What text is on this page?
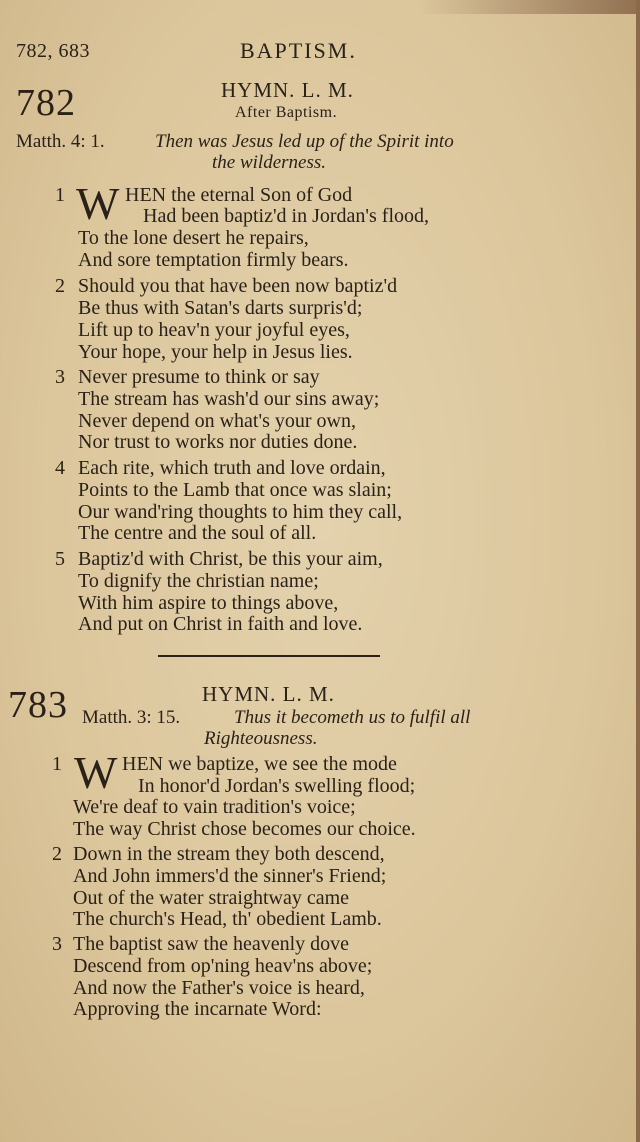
782, 683	BAPTISM.
782	HYMN. L. M.
After Baptism.
Matth. 4: 1.	Then was Jesus led up of the Spirit into
the wilderness.
1 W HEN the eternal Son of God
Had been baptiz'd in Jordan's flood,
To the lone desert he repairs,
And sore temptation firmly bears.
2 Should you that have been now baptiz'd
Be thus with Satan's darts surpris'd;
Lift up to heav'n your joyful eyes,
Your hope, your help in Jesus lies.
3 Never presume to think or say
The stream has wash'd our sins away;
Never depend on what's your own,
Nor trust to works nor duties done.
4 Each rite, which truth and love ordain,
Points to the Lamb that once was slain;
Our wand'ring thoughts to him they call,
The centre and the soul of all.
5 Baptiz'd with Christ, be this your aim,
To dignify the christian name;
With him aspire to things above,
And put on Christ in faith and love.
HYMN. L. M.
783 Matth. 3: 15.	Thus it becometh us to fulfil all
Righteousness.
1 W HEN we baptize, we see the mode
In honor'd Jordan's swelling flood;
We're deaf to vain tradition's voice;
The way Christ chose becomes our choice.
2 Down in the stream they both descend,
And John immers'd the sinner's Friend;
Out of the water straightway came
The church's Head, th' obedient Lamb.
3 The baptist saw the heavenly dove
Descend from op'ning heav'ns above;
And now the Father's voice is heard,
Approving the incarnate Word:
